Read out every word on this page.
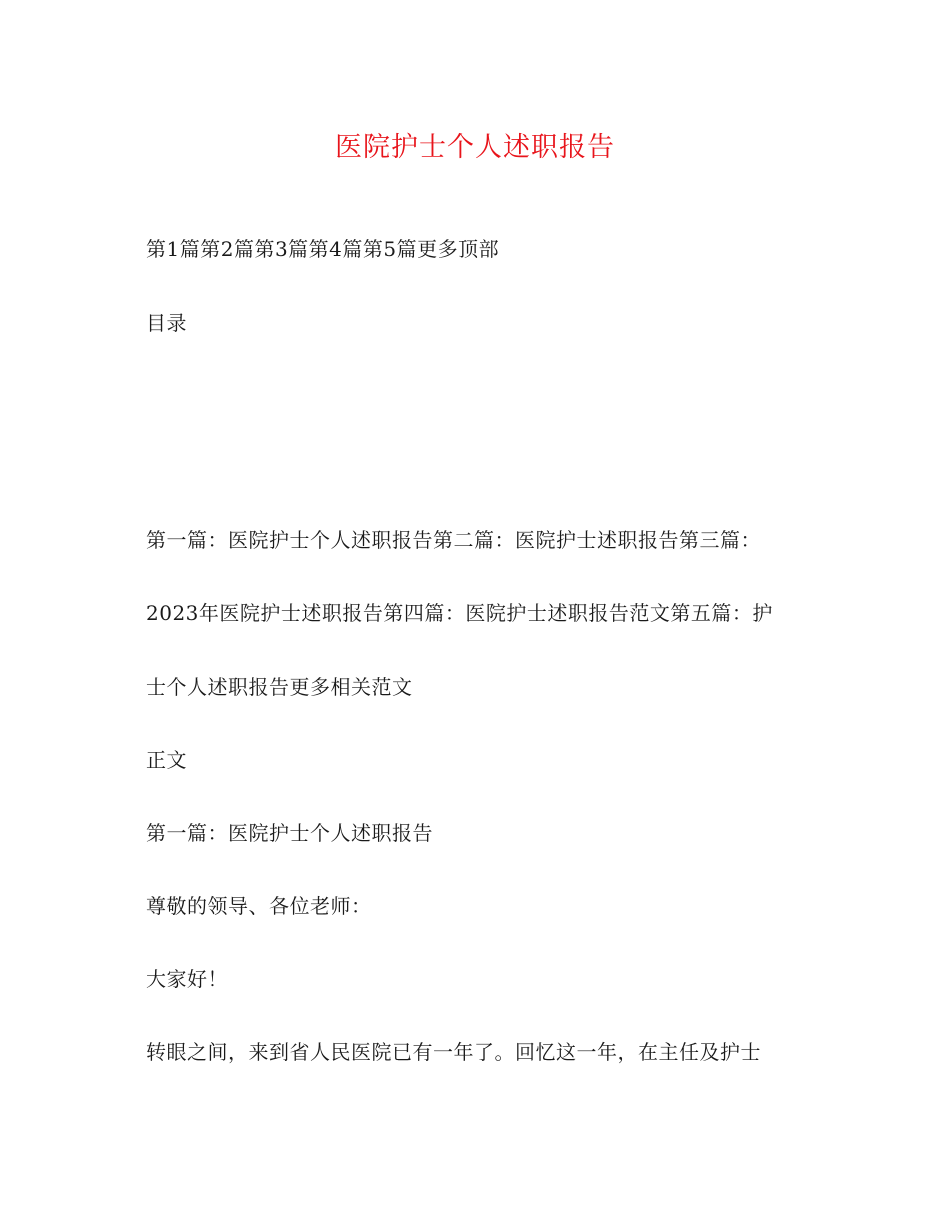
医院护士个人述职报告
第1篇第2篇第3篇第4篇第5篇更多顶部
目录
第一篇：医院护士个人述职报告第二篇：医院护士述职报告第三篇：
2023年医院护士述职报告第四篇：医院护士述职报告范文第五篇：护
士个人述职报告更多相关范文
正文
第一篇：医院护士个人述职报告
尊敬的领导、各位老师：
大家好！
转眼之间，来到省人民医院已有一年了。回忆这一年，在主任及护士
